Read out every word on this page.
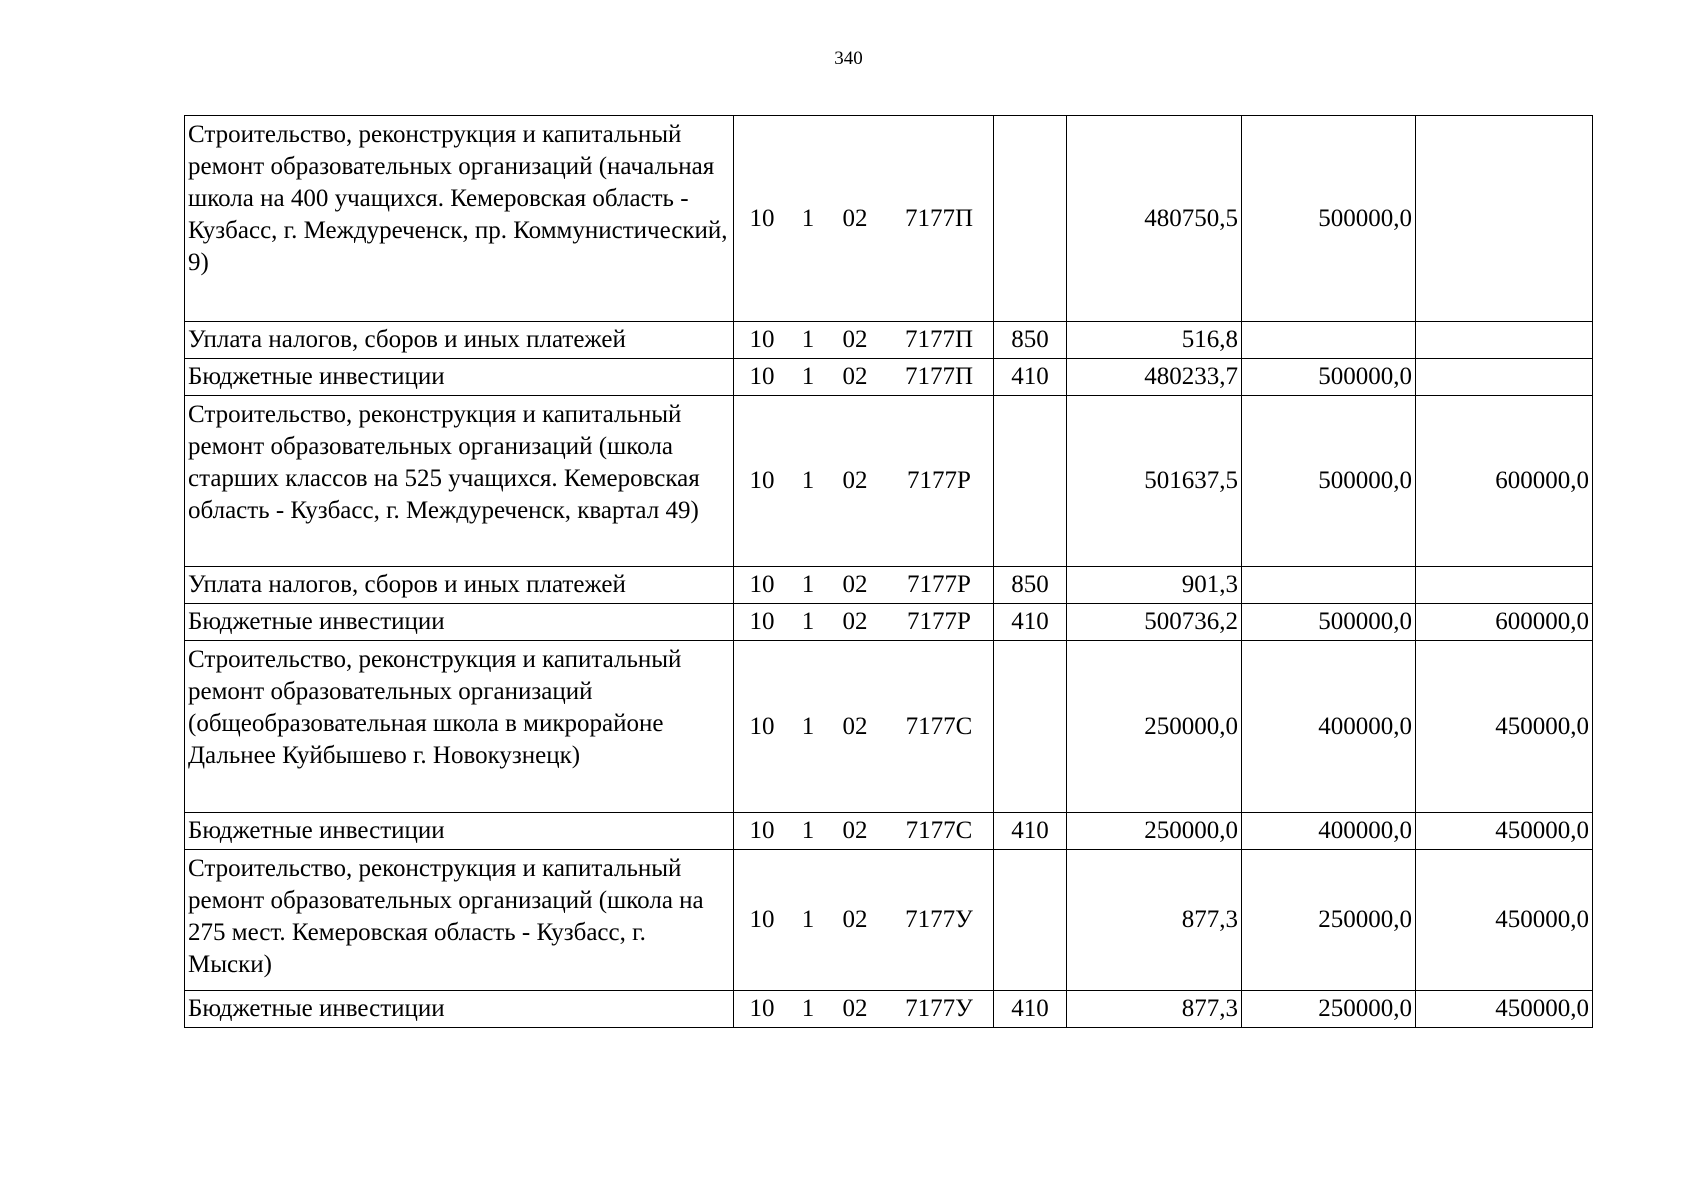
340
Строительство, реконструкция и капитальный ремонт образовательных организаций (начальная школа на 400 учащихся. Кемеровская область - Кузбасс, г. Междуреченск, пр. Коммунистический, 9)	10 1 02 7177П		480750,5	500000,0	
Уплата налогов, сборов и иных платежей	10 1 02 7177П	850	516,8		
Бюджетные инвестиции	10 1 02 7177П	410	480233,7	500000,0	
Строительство, реконструкция и капитальный ремонт образовательных организаций (школа старших классов на 525 учащихся. Кемеровская область - Кузбасс, г. Междуреченск, квартал 49)	10 1 02 7177Р		501637,5	500000,0	600000,0
Уплата налогов, сборов и иных платежей	10 1 02 7177Р	850	901,3		
Бюджетные инвестиции	10 1 02 7177Р	410	500736,2	500000,0	600000,0
Строительство, реконструкция и капитальный ремонт образовательных организаций (общеобразовательная школа в микрорайоне Дальнее Куйбышево г. Новокузнецк)	10 1 02 7177С		250000,0	400000,0	450000,0
Бюджетные инвестиции	10 1 02 7177С	410	250000,0	400000,0	450000,0
Строительство, реконструкция и капитальный ремонт образовательных организаций (школа на 275 мест. Кемеровская область - Кузбасс, г. Мыски)	10 1 02 7177У		877,3	250000,0	450000,0
Бюджетные инвестиции	10 1 02 7177У	410	877,3	250000,0	450000,0
